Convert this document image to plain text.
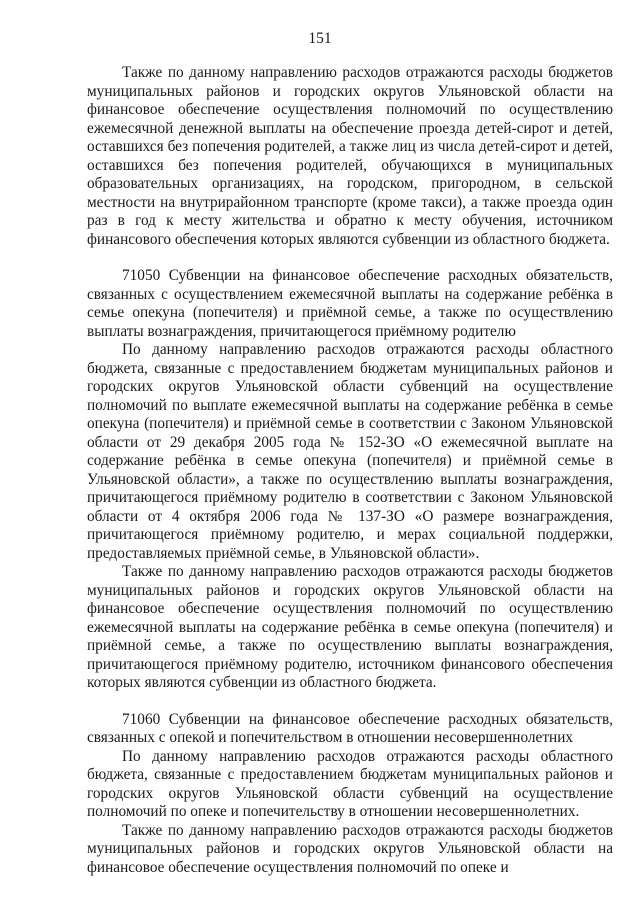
151

Также по данному направлению расходов отражаются расходы бюджетов муниципальных районов и городских округов Ульяновской области на финансовое обеспечение осуществления полномочий по осуществлению ежемесячной денежной выплаты на обеспечение проезда детей-сирот и детей, оставшихся без попечения родителей, а также лиц из числа детей-сирот и детей, оставшихся без попечения родителей, обучающихся в муниципальных образовательных организациях, на городском, пригородном, в сельской местности на внутрирайонном транспорте (кроме такси), а также проезда один раз в год к месту жительства и обратно к месту обучения, источником финансового обеспечения которых являются субвенции из областного бюджета.

71050 Субвенции на финансовое обеспечение расходных обязательств, связанных с осуществлением ежемесячной выплаты на содержание ребёнка в семье опекуна (попечителя) и приёмной семье, а также по осуществлению выплаты вознаграждения, причитающегося приёмному родителю

По данному направлению расходов отражаются расходы областного бюджета, связанные с предоставлением бюджетам муниципальных районов и городских округов Ульяновской области субвенций на осуществление полномочий по выплате ежемесячной выплаты на содержание ребёнка в семье опекуна (попечителя) и приёмной семье в соответствии с Законом Ульяновской области от 29 декабря 2005 года № 152-ЗО «О ежемесячной выплате на содержание ребёнка в семье опекуна (попечителя) и приёмной семье в Ульяновской области», а также по осуществлению выплаты вознаграждения, причитающегося приёмному родителю в соответствии с Законом Ульяновской области от 4 октября 2006 года № 137-ЗО «О размере вознаграждения, причитающегося приёмному родителю, и мерах социальной поддержки, предоставляемых приёмной семье, в Ульяновской области».

Также по данному направлению расходов отражаются расходы бюджетов муниципальных районов и городских округов Ульяновской области на финансовое обеспечение осуществления полномочий по осуществлению ежемесячной выплаты на содержание ребёнка в семье опекуна (попечителя) и приёмной семье, а также по осуществлению выплаты вознаграждения, причитающегося приёмному родителю, источником финансового обеспечения которых являются субвенции из областного бюджета.

71060 Субвенции на финансовое обеспечение расходных обязательств, связанных с опекой и попечительством в отношении несовершеннолетних

По данному направлению расходов отражаются расходы областного бюджета, связанные с предоставлением бюджетам муниципальных районов и городских округов Ульяновской области субвенций на осуществление полномочий по опеке и попечительству в отношении несовершеннолетних.

Также по данному направлению расходов отражаются расходы бюджетов муниципальных районов и городских округов Ульяновской области на финансовое обеспечение осуществления полномочий по опеке и
